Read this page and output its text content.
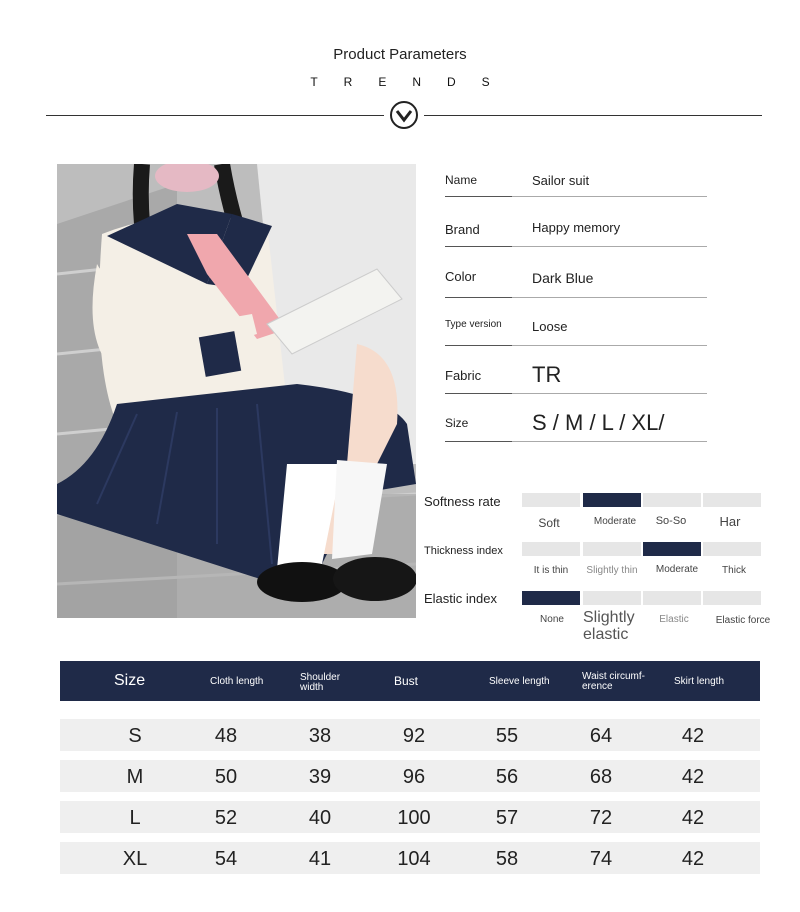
Product Parameters
TRENDS
Name	Sailor suit
Brand	Happy memory
Color	Dark Blue
Type version	Loose
Fabric	TR
Size	S / M / L / XL/
Softness rate
Soft	Moderate	So-So	Har
Thickness index
It is thin	Slightly thin	Moderate	Thick
Elastic index
None	Slightly elastic
Elastic	Elastic force
Size	Cloth length	Shoulder width	Bust	Sleeve length	Waist circumf-erence	Skirt length
S	48	38	92	55	64	42
M	50	39	96	56	68	42
L	52	40	100	57	72	42
XL	54	41	104	58	74	42
